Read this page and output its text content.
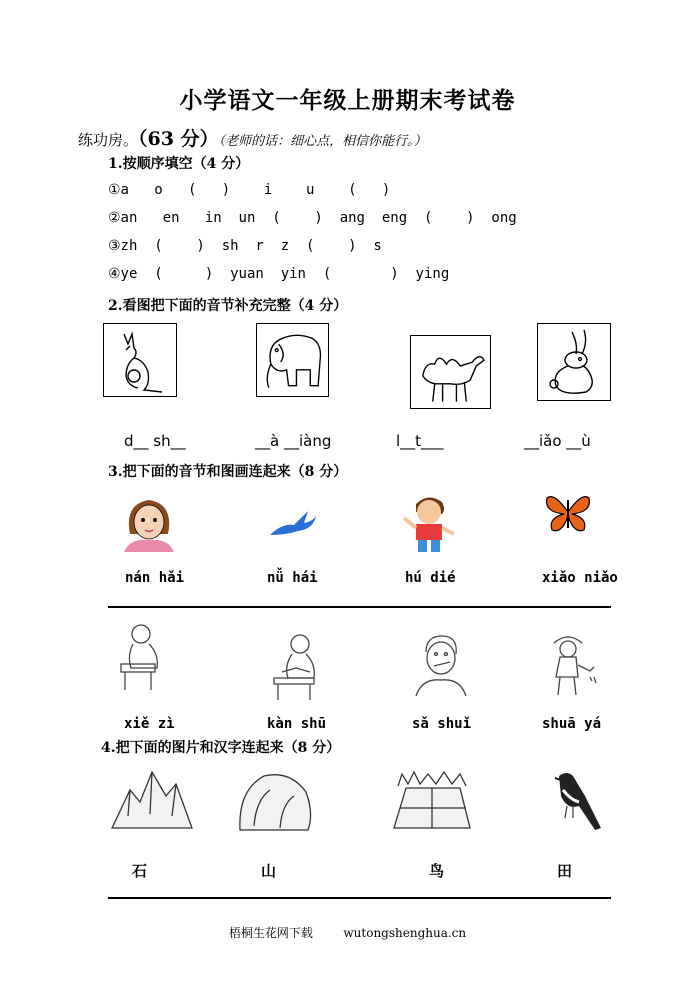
小学语文一年级上册期末考试卷
练功房。（63 分）（老师的话：细心点，相信你能行。）
1.按顺序填空（4 分）
①a   o   (   )    i    u    (   )
②an   en   in  un  (    )  ang  eng  (    )  ong
③zh  (    )  sh  r  z  (    )  s
④ye  (     )  yuan  yin  (       )  ying
2.看图把下面的音节补充完整（4 分）
d__ sh__	__à __iàng	l__t___	__iǎo __ù
3.把下面的音节和图画连起来（8 分）
nán hǎi	nǚ hái	hú dié	xiǎo niǎo
xiě zì	kàn shū	sǎ shuǐ	shuā yá
4.把下面的图片和汉字连起来（8 分）
石	山	鸟	田
梧桐生花网下载        wutongshenghua.cn
